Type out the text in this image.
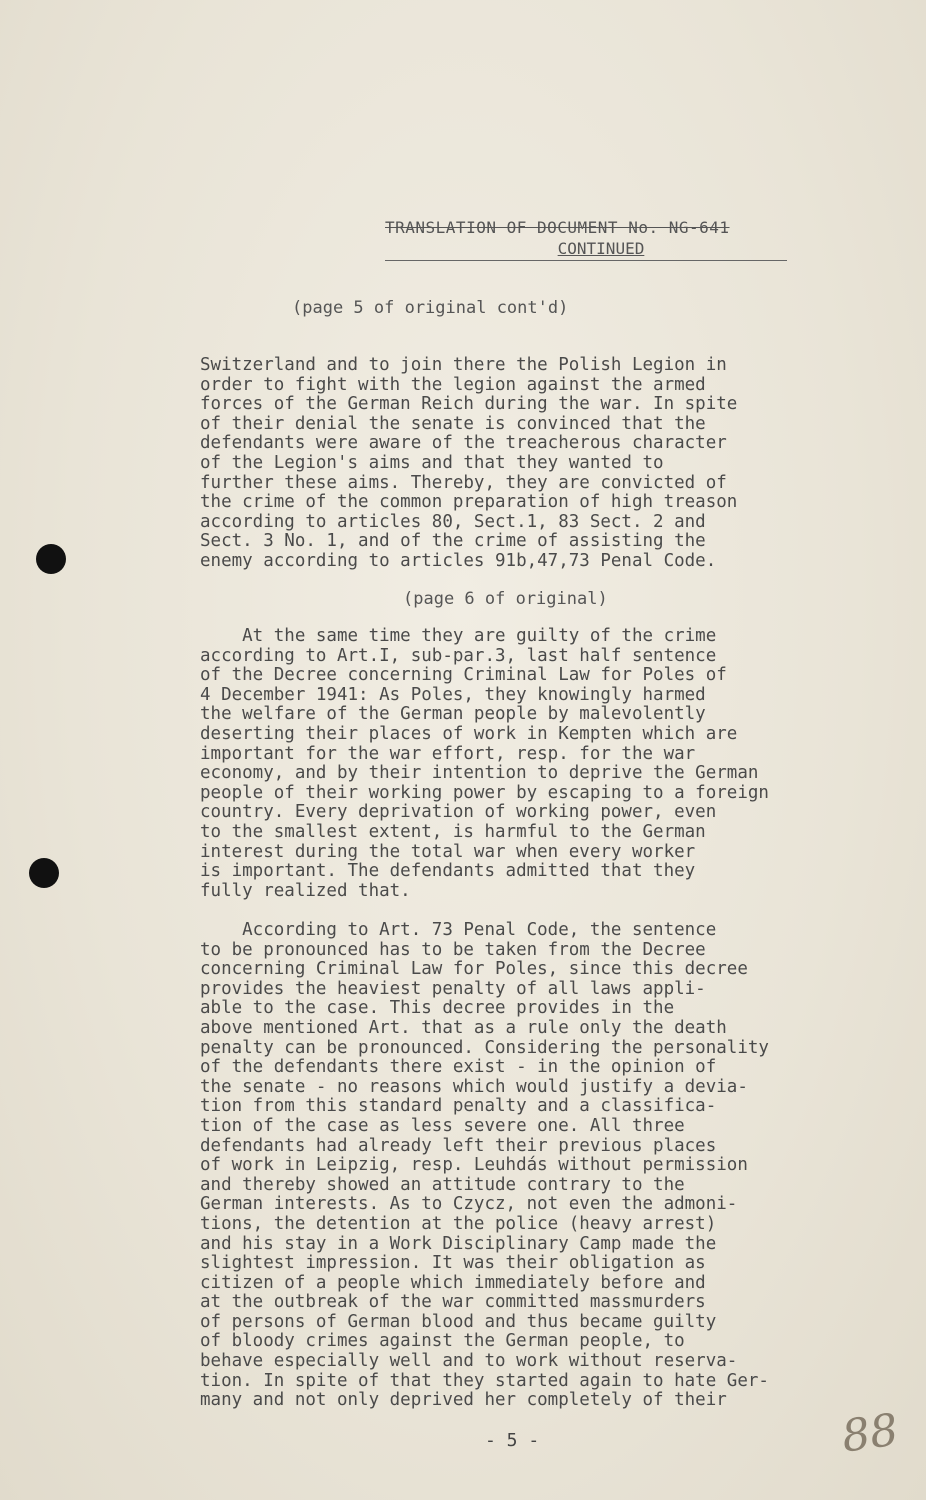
TRANSLATION OF DOCUMENT No. NG-641
CONTINUED
(page 5 of original cont'd)
Switzerland and to join there the Polish Legion in
order to fight with the legion against the armed
forces of the German Reich during the war. In spite
of their denial the senate is convinced that the
defendants were aware of the treacherous character
of the Legion's aims and that they wanted to
further these aims. Thereby, they are convicted of
the crime of the common preparation of high treason
according to articles 80, Sect.1, 83 Sect. 2 and
Sect. 3 No. 1, and of the crime of assisting the
enemy according to articles 91b,47,73 Penal Code.
(page 6 of original)
At the same time they are guilty of the crime
according to Art.I, sub-par.3, last half sentence
of the Decree concerning Criminal Law for Poles of
4 December 1941: As Poles, they knowingly harmed
the welfare of the German people by malevolently
deserting their places of work in Kempten which are
important for the war effort, resp. for the war
economy, and by their intention to deprive the German
people of their working power by escaping to a foreign
country. Every deprivation of working power, even
to the smallest extent, is harmful to the German
interest during the total war when every worker
is important. The defendants admitted that they
fully realized that.
According to Art. 73 Penal Code, the sentence
to be pronounced has to be taken from the Decree
concerning Criminal Law for Poles, since this decree
provides the heaviest penalty of all laws appli-
able to the case. This decree provides in the
above mentioned Art. that as a rule only the death
penalty can be pronounced. Considering the personality
of the defendants there exist - in the opinion of
the senate - no reasons which would justify a devia-
tion from this standard penalty and a classifica-
tion of the case as less severe one. All three
defendants had already left their previous places
of work in Leipzig, resp. Leuhdás without permission
and thereby showed an attitude contrary to the
German interests. As to Czycz, not even the admoni-
tions, the detention at the police (heavy arrest)
and his stay in a Work Disciplinary Camp made the
slightest impression. It was their obligation as
citizen of a people which immediately before and
at the outbreak of the war committed massmurders
of persons of German blood and thus became guilty
of bloody crimes against the German people, to
behave especially well and to work without reserva-
tion. In spite of that they started again to hate Ger-
many and not only deprived her completely of their
- 5 -	88
